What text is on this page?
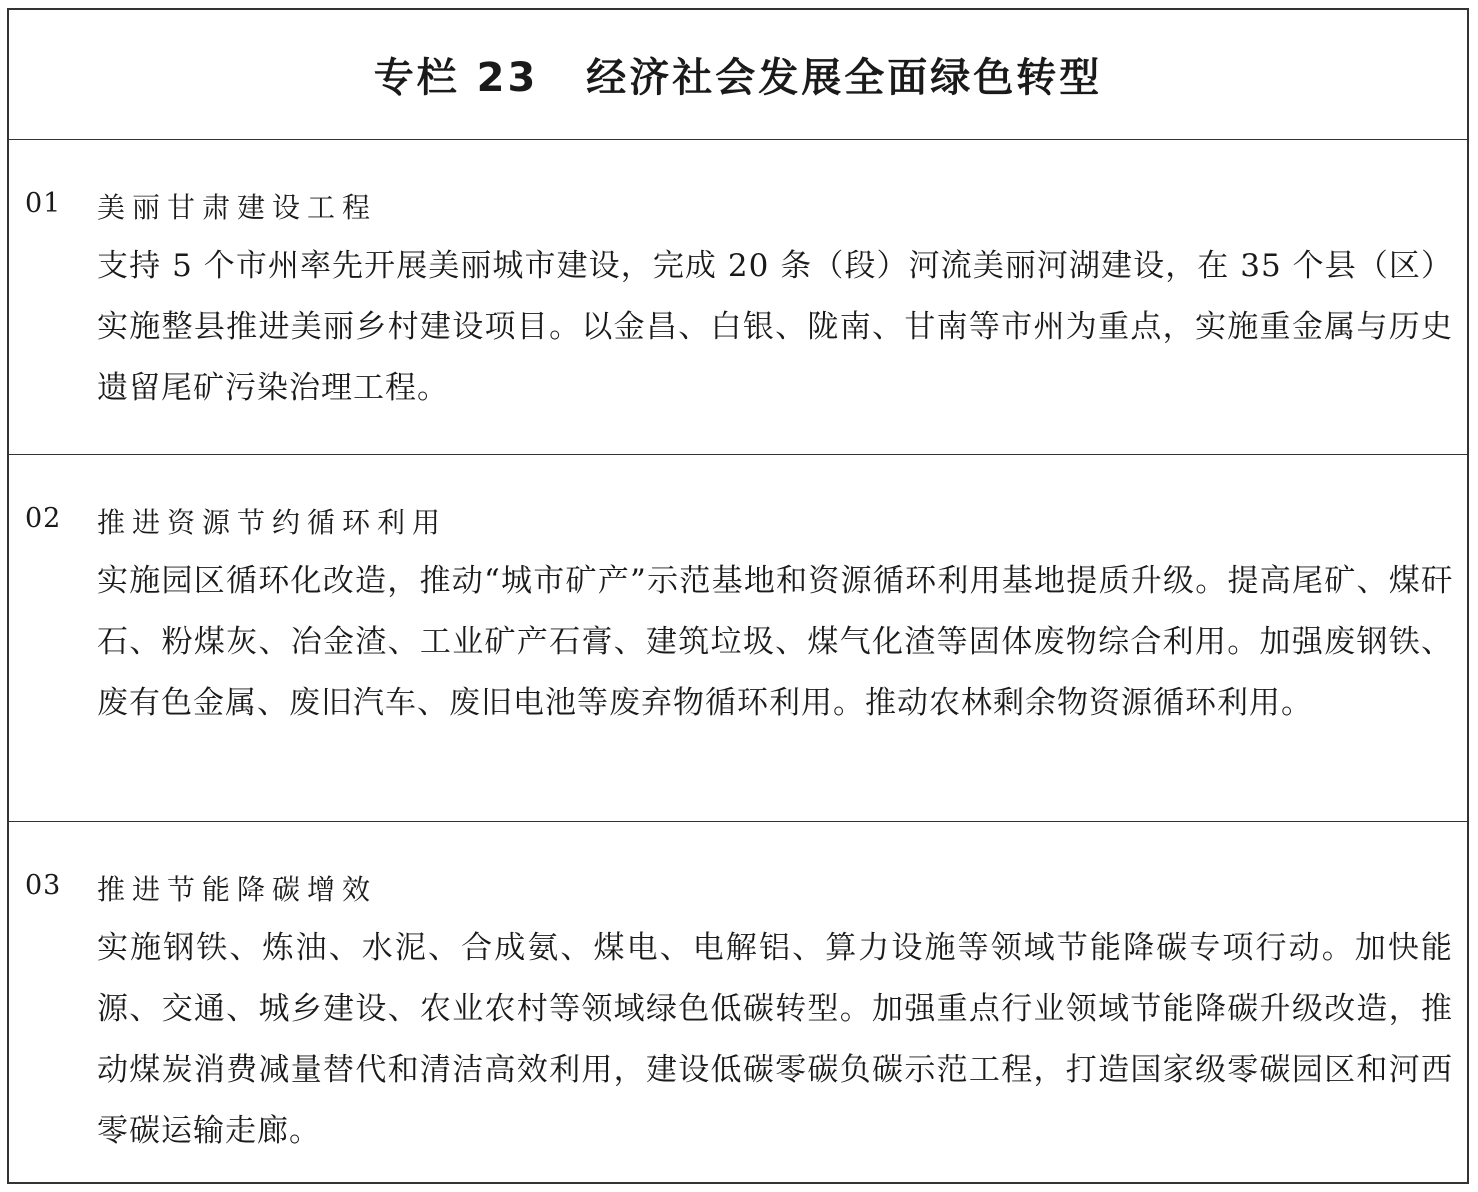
专栏 23 经济社会发展全面绿色转型
01 美丽甘肃建设工程
支持 5 个市州率先开展美丽城市建设，完成 20 条（段）河流美丽河湖建设，在 35 个县（区）实施整县推进美丽乡村建设项目。以金昌、白银、陇南、甘南等市州为重点，实施重金属与历史遗留尾矿污染治理工程。
02 推进资源节约循环利用
实施园区循环化改造，推动“城市矿产”示范基地和资源循环利用基地提质升级。提高尾矿、煤矸石、粉煤灰、冶金渣、工业矿产石膏、建筑垃圾、煤气化渣等固体废物综合利用。加强废钢铁、废有色金属、废旧汽车、废旧电池等废弃物循环利用。推动农林剩余物资源循环利用。
03 推进节能降碳增效
实施钢铁、炼油、水泥、合成氨、煤电、电解铝、算力设施等领域节能降碳专项行动。加快能源、交通、城乡建设、农业农村等领域绿色低碳转型。加强重点行业领域节能降碳升级改造，推动煤炭消费减量替代和清洁高效利用，建设低碳零碳负碳示范工程，打造国家级零碳园区和河西零碳运输走廊。
